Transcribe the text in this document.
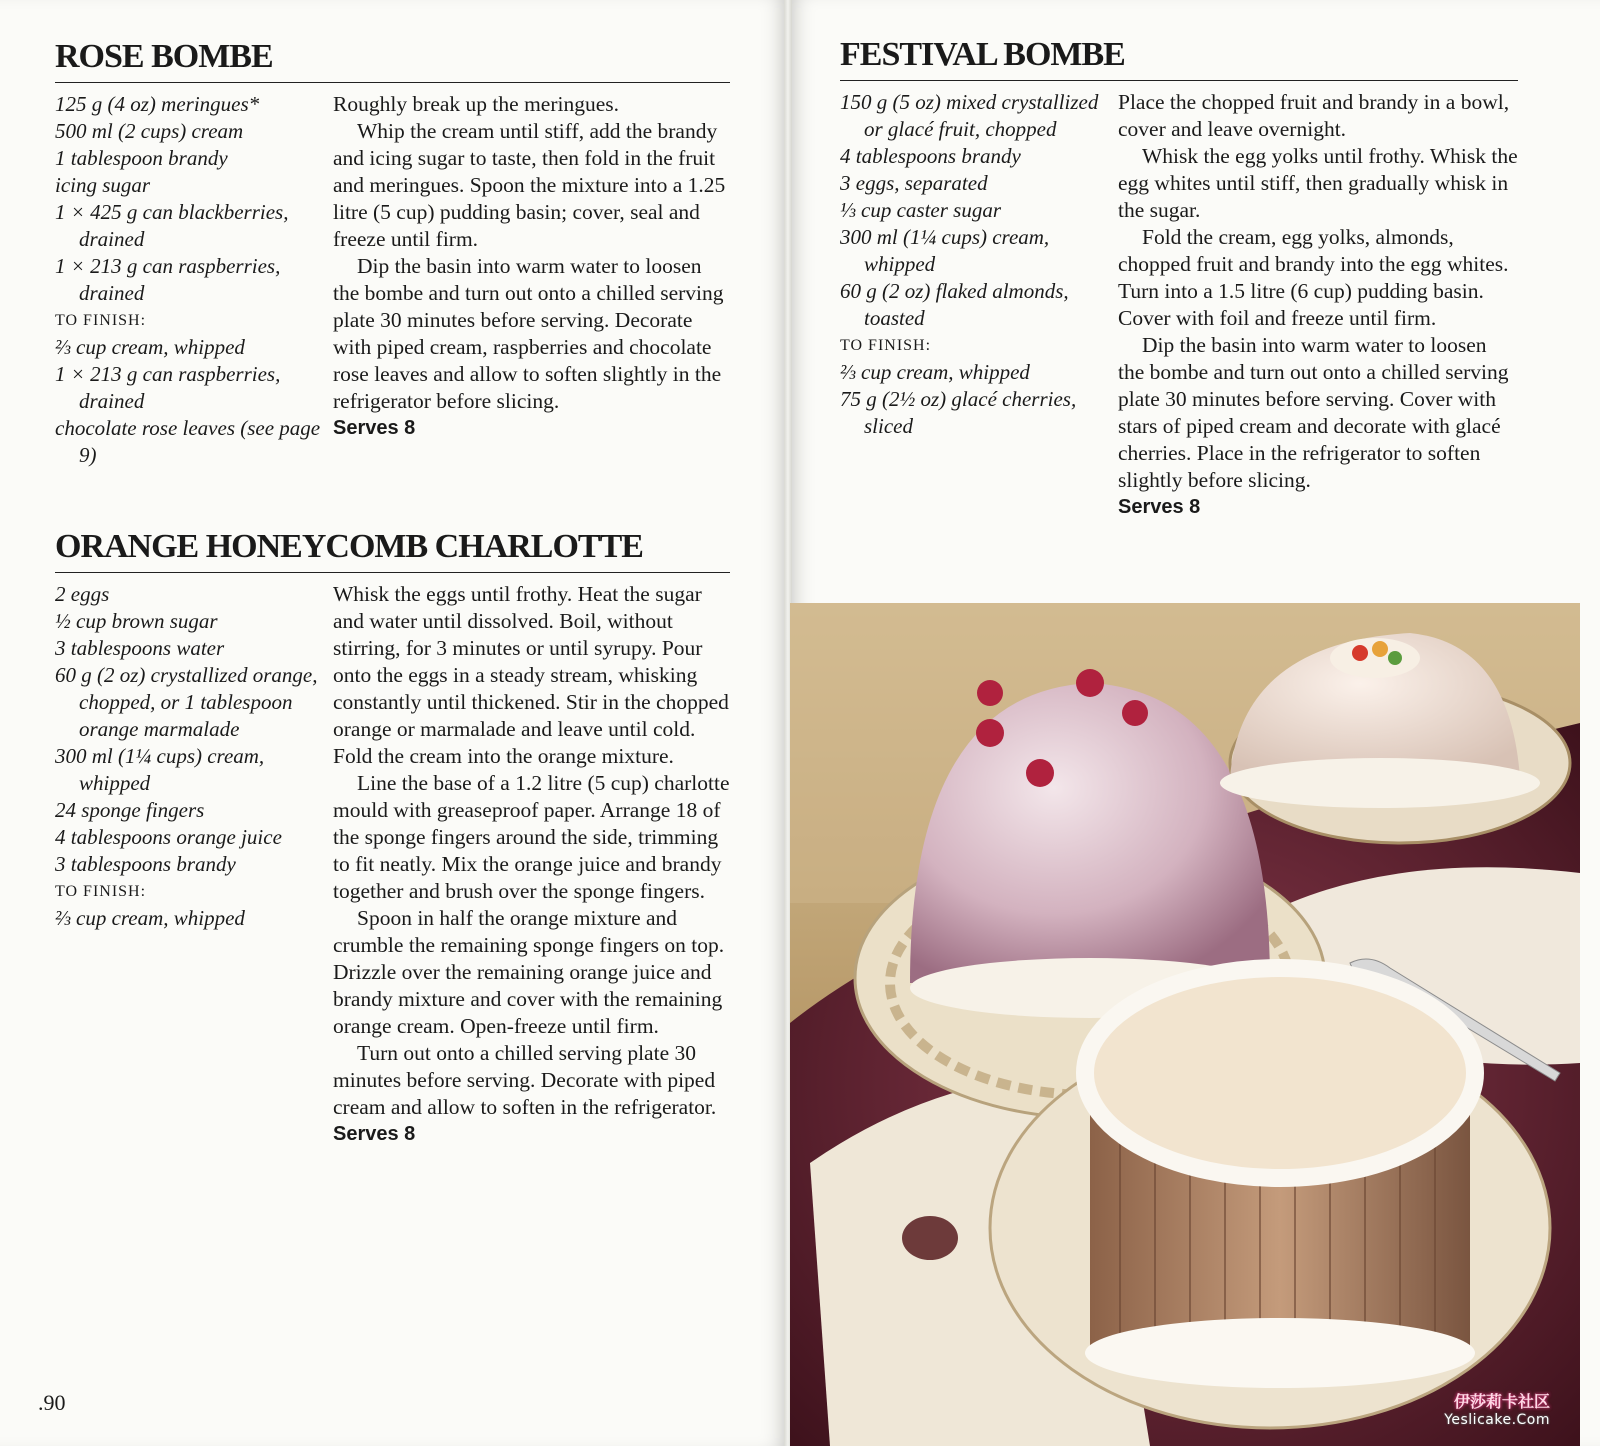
ROSE BOMBE
125 g (4 oz) meringues*
500 ml (2 cups) cream
1 tablespoon brandy
icing sugar
1 × 425 g can blackberries, drained
1 × 213 g can raspberries, drained
TO FINISH:
⅔ cup cream, whipped
1 × 213 g can raspberries, drained
chocolate rose leaves (see page 9)
Roughly break up the meringues.
Whip the cream until stiff, add the brandy and icing sugar to taste, then fold in the fruit and meringues. Spoon the mixture into a 1.25 litre (5 cup) pudding basin; cover, seal and freeze until firm.
Dip the basin into warm water to loosen the bombe and turn out onto a chilled serving plate 30 minutes before serving. Decorate with piped cream, raspberries and chocolate rose leaves and allow to soften slightly in the refrigerator before slicing.
Serves 8
ORANGE HONEYCOMB CHARLOTTE
2 eggs
½ cup brown sugar
3 tablespoons water
60 g (2 oz) crystallized orange, chopped, or 1 tablespoon orange marmalade
300 ml (1¼ cups) cream, whipped
24 sponge fingers
4 tablespoons orange juice
3 tablespoons brandy
TO FINISH:
⅔ cup cream, whipped
Whisk the eggs until frothy. Heat the sugar and water until dissolved. Boil, without stirring, for 3 minutes or until syrupy. Pour onto the eggs in a steady stream, whisking constantly until thickened. Stir in the chopped orange or marmalade and leave until cold. Fold the cream into the orange mixture.
Line the base of a 1.2 litre (5 cup) charlotte mould with greaseproof paper. Arrange 18 of the sponge fingers around the side, trimming to fit neatly. Mix the orange juice and brandy together and brush over the sponge fingers.
Spoon in half the orange mixture and crumble the remaining sponge fingers on top. Drizzle over the remaining orange juice and brandy mixture and cover with the remaining orange cream. Open-freeze until firm.
Turn out onto a chilled serving plate 30 minutes before serving. Decorate with piped cream and allow to soften in the refrigerator.
Serves 8
FESTIVAL BOMBE
150 g (5 oz) mixed crystallized or glacé fruit, chopped
4 tablespoons brandy
3 eggs, separated
⅓ cup caster sugar
300 ml (1¼ cups) cream, whipped
60 g (2 oz) flaked almonds, toasted
TO FINISH:
⅔ cup cream, whipped
75 g (2½ oz) glacé cherries, sliced
Place the chopped fruit and brandy in a bowl, cover and leave overnight.
Whisk the egg yolks until frothy. Whisk the egg whites until stiff, then gradually whisk in the sugar.
Fold the cream, egg yolks, almonds, chopped fruit and brandy into the egg whites. Turn into a 1.5 litre (6 cup) pudding basin. Cover with foil and freeze until firm.
Dip the basin into warm water to loosen the bombe and turn out onto a chilled serving plate 30 minutes before serving. Cover with stars of piped cream and decorate with glacé cherries. Place in the refrigerator to soften slightly before slicing.
Serves 8
.90	伊莎莉卡社区
Yeslicake.Com
